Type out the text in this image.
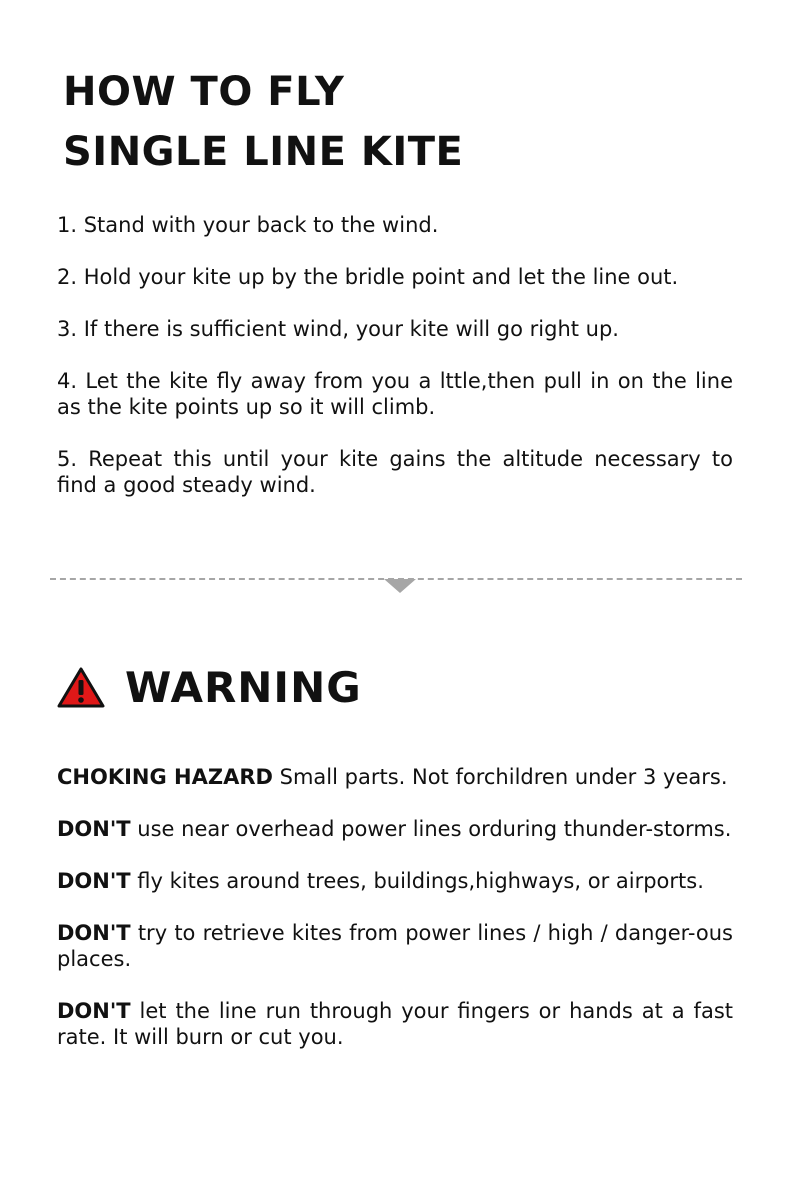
HOW TO FLY
SINGLE LINE KITE
1. Stand with your back to the wind.
2. Hold your kite up by the bridle point and let the line out.
3. If there is sufficient wind, your kite will go right up.
4. Let the kite fly away from you a lttle,then pull in on the line as the kite points up so it will climb.
5. Repeat this until your kite gains the altitude necessary to find a good steady wind.
WARNING
CHOKING HAZARD Small parts. Not forchildren under 3 years.
DON'T use near overhead power lines orduring thunder-storms.
DON'T fly kites around trees, buildings,highways, or airports.
DON'T try to retrieve kites from power lines / high / danger-ous places.
DON'T let the line run through your fingers or hands at a fast rate. It will burn or cut you.
